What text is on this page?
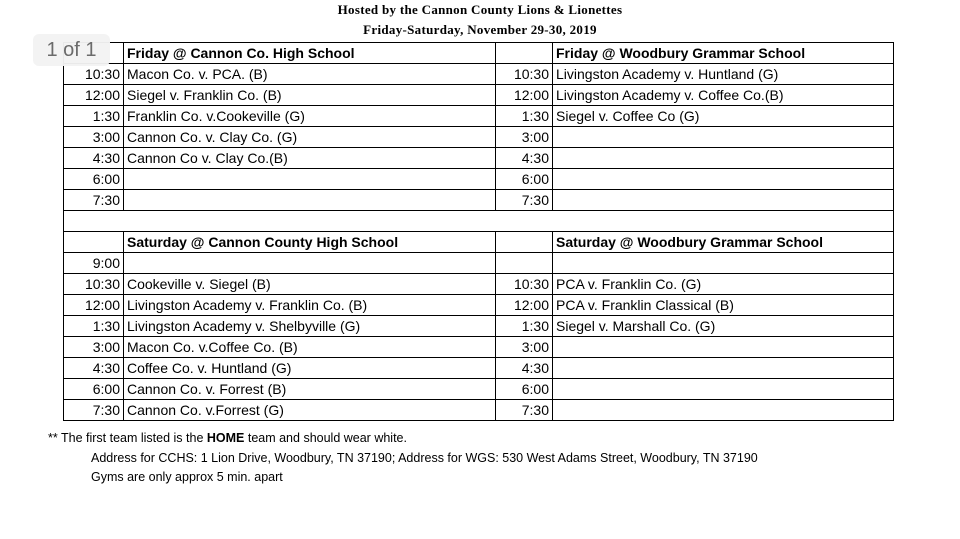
Hosted by the Cannon County Lions & Lionettes
Friday-Saturday, November 29-30, 2019
1 of 1
		Friday @ Cannon Co. High School		Friday @ Woodbury Grammar School
10:30	Macon Co. v. PCA. (B)	10:30	Livingston Academy v. Huntland (G)
12:00	Siegel v. Franklin Co. (B)	12:00	Livingston Academy v. Coffee Co.(B)
1:30	Franklin Co. v.Cookeville (G)	1:30	Siegel v. Coffee Co (G)
3:00	Cannon Co. v. Clay Co. (G)	3:00	
4:30	Cannon Co v. Clay Co.(B)	4:30	
6:00		6:00	
7:30		7:30	

	Saturday @ Cannon County High School		Saturday @ Woodbury Grammar School
9:00			
10:30	Cookeville v. Siegel (B)	10:30	PCA v. Franklin Co. (G)
12:00	Livingston Academy v. Franklin Co. (B)	12:00	PCA v. Franklin Classical (B)
1:30	Livingston Academy v. Shelbyville (G)	1:30	Siegel v. Marshall Co. (G)
3:00	Macon Co. v.Coffee Co. (B)	3:00	
4:30	Coffee Co. v. Huntland (G)	4:30	
6:00	Cannon Co. v. Forrest (B)	6:00	
7:30	Cannon Co. v.Forrest (G)	7:30	
** The first team listed is the HOME team and should wear white.
Address for CCHS: 1 Lion Drive, Woodbury, TN 37190; Address for WGS: 530 West Adams Street, Woodbury, TN 37190
Gyms are only approx 5 min. apart
